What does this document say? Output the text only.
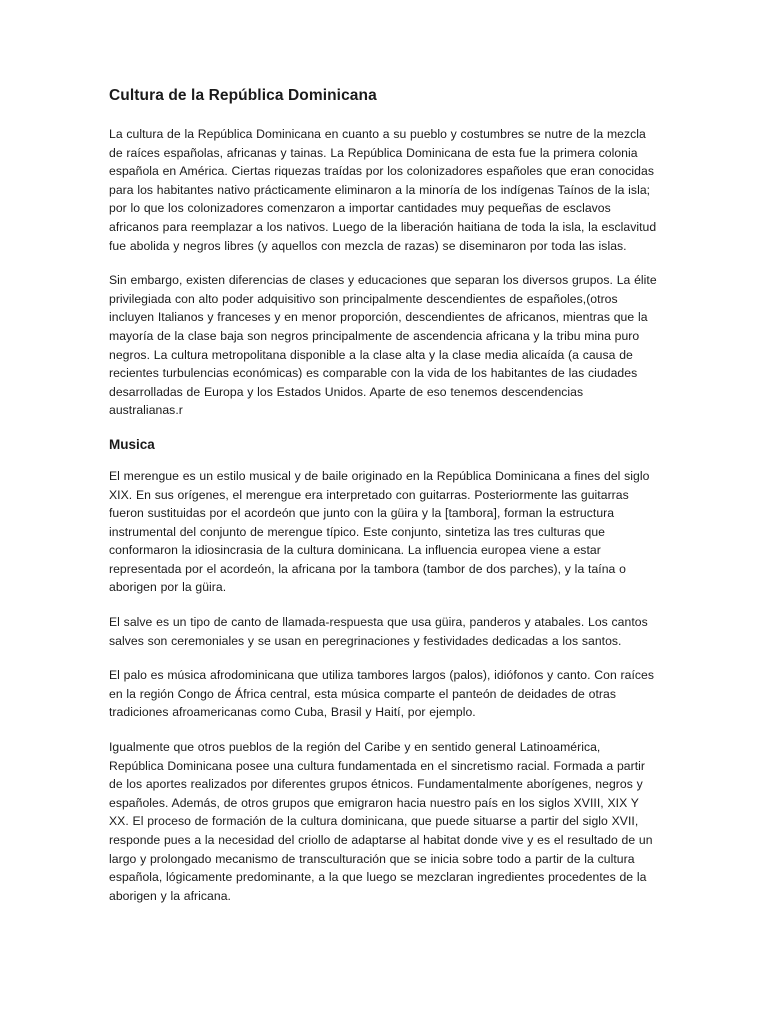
Cultura de la República Dominicana

La cultura de la República Dominicana en cuanto a su pueblo y costumbres se nutre de la mezcla de raíces españolas, africanas y tainas. La República Dominicana de esta fue la primera colonia española en América. Ciertas riquezas traídas por los colonizadores españoles que eran conocidas para los habitantes nativo prácticamente eliminaron a la minoría de los indígenas Taínos de la isla; por lo que los colonizadores comenzaron a importar cantidades muy pequeñas de esclavos africanos para reemplazar a los nativos. Luego de la liberación haitiana de toda la isla, la esclavitud fue abolida y negros libres (y aquellos con mezcla de razas) se diseminaron por toda las islas.

Sin embargo, existen diferencias de clases y educaciones que separan los diversos grupos. La élite privilegiada con alto poder adquisitivo son principalmente descendientes de españoles,(otros incluyen Italianos y franceses y en menor proporción, descendientes de africanos, mientras que la mayoría de la clase baja son negros principalmente de ascendencia africana y la tribu mina puro negros. La cultura metropolitana disponible a la clase alta y la clase media alicaída (a causa de recientes turbulencias económicas) es comparable con la vida de los habitantes de las ciudades desarrolladas de Europa y los Estados Unidos. Aparte de eso tenemos descendencias australianas.r

Musica

El merengue es un estilo musical y de baile originado en la República Dominicana a fines del siglo XIX. En sus orígenes, el merengue era interpretado con guitarras. Posteriormente las guitarras fueron sustituidas por el acordeón que junto con la güira y la [tambora], forman la estructura instrumental del conjunto de merengue típico. Este conjunto, sintetiza las tres culturas que conformaron la idiosincrasia de la cultura dominicana. La influencia europea viene a estar representada por el acordeón, la africana por la tambora (tambor de dos parches), y la taína o aborigen por la güira.

El salve es un tipo de canto de llamada-respuesta que usa güira, panderos y atabales. Los cantos salves son ceremoniales y se usan en peregrinaciones y festividades dedicadas a los santos.

El palo es música afrodominicana que utiliza tambores largos (palos), idiófonos y canto. Con raíces en la región Congo de África central, esta música comparte el panteón de deidades de otras tradiciones afroamericanas como Cuba, Brasil y Haití, por ejemplo.

Igualmente que otros pueblos de la región del Caribe y en sentido general Latinoamérica, República Dominicana posee una cultura fundamentada en el sincretismo racial. Formada a partir de los aportes realizados por diferentes grupos étnicos. Fundamentalmente aborígenes, negros y españoles. Además, de otros grupos que emigraron hacia nuestro país en los siglos XVIII, XIX Y XX. El proceso de formación de la cultura dominicana, que puede situarse a partir del siglo XVII, responde pues a la necesidad del criollo de adaptarse al habitat donde vive y es el resultado de un largo y prolongado mecanismo de transculturación que se inicia sobre todo a partir de la cultura española, lógicamente predominante, a la que luego se mezclaran ingredientes procedentes de la aborigen y la africana.
